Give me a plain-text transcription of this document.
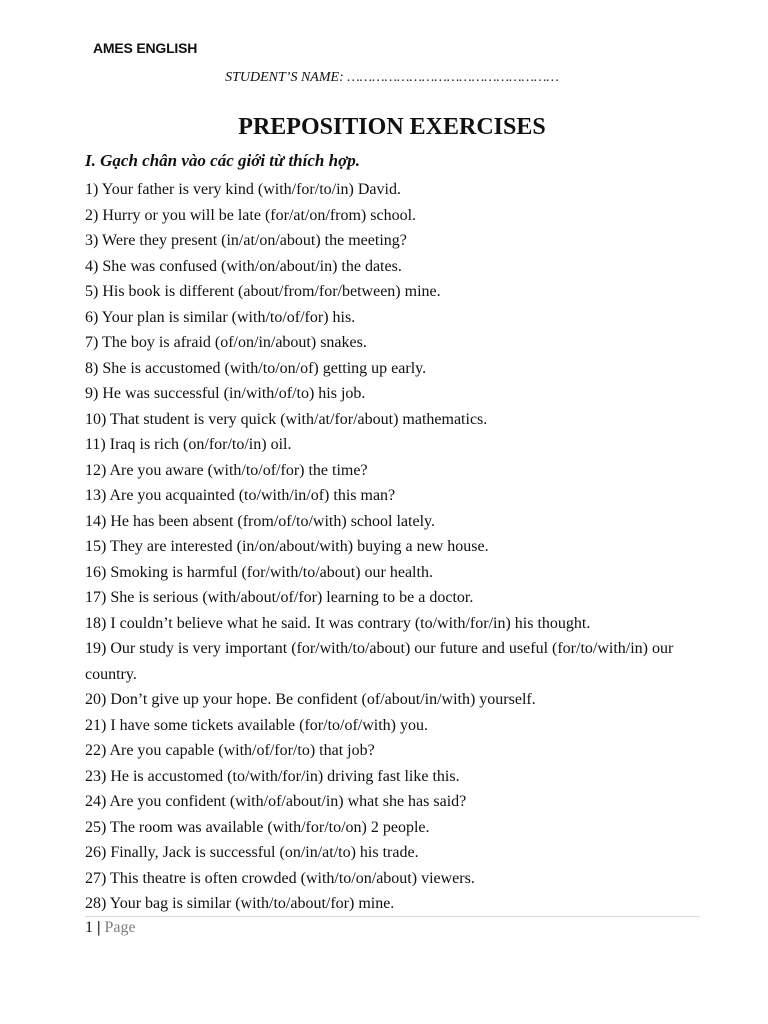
AMES ENGLISH
STUDENT’S NAME: ……………………………………………
PREPOSITION EXERCISES
I. Gạch chân vào các giới từ thích hợp.
1) Your father is very kind (with/for/to/in) David.
2) Hurry or you will be late (for/at/on/from) school.
3) Were they present (in/at/on/about) the meeting?
4) She was confused (with/on/about/in) the dates.
5) His book is different (about/from/for/between) mine.
6) Your plan is similar (with/to/of/for) his.
7) The boy is afraid (of/on/in/about) snakes.
8) She is accustomed (with/to/on/of) getting up early.
9) He was successful (in/with/of/to) his job.
10) That student is very quick (with/at/for/about) mathematics.
11) Iraq is rich (on/for/to/in) oil.
12) Are you aware (with/to/of/for) the time?
13) Are you acquainted (to/with/in/of) this man?
14) He has been absent (from/of/to/with) school lately.
15) They are interested (in/on/about/with) buying a new house.
16) Smoking is harmful (for/with/to/about) our health.
17) She is serious (with/about/of/for) learning to be a doctor.
18) I couldn’t believe what he said. It was contrary (to/with/for/in) his thought.
19) Our study is very important (for/with/to/about) our future and useful (for/to/with/in) our country.
20) Don’t give up your hope. Be confident (of/about/in/with) yourself.
21) I have some tickets available (for/to/of/with) you.
22) Are you capable (with/of/for/to) that job?
23) He is accustomed (to/with/for/in) driving fast like this.
24) Are you confident (with/of/about/in) what she has said?
25) The room was available (with/for/to/on) 2 people.
26) Finally, Jack is successful (on/in/at/to) his trade.
27) This theatre is often crowded (with/to/on/about) viewers.
28) Your bag is similar (with/to/about/for) mine.
1 | Page
